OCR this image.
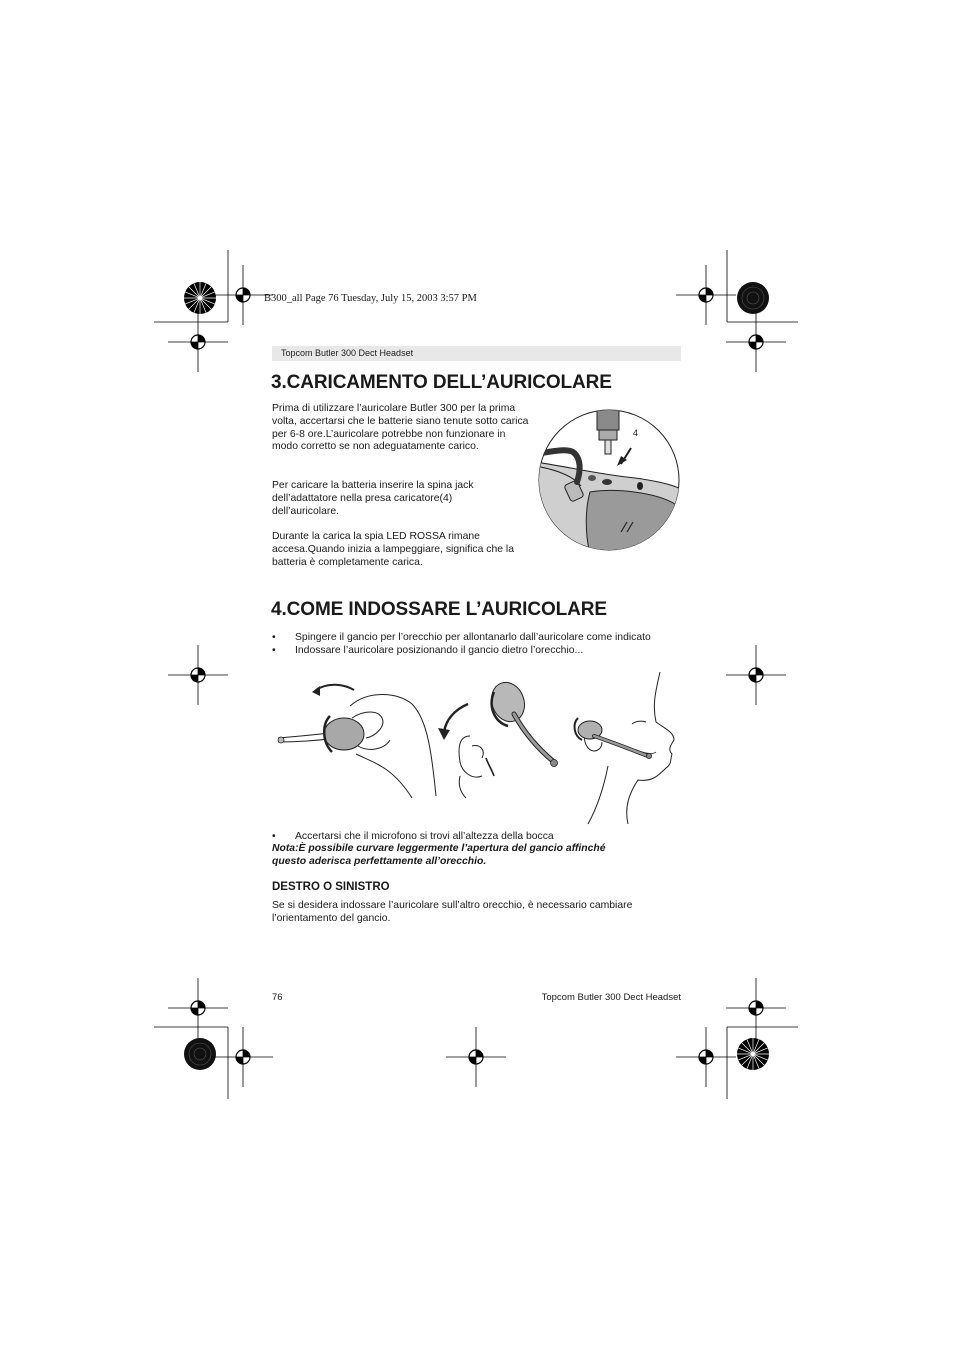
B300_all Page 76 Tuesday, July 15, 2003 3:57 PM
Topcom Butler 300 Dect Headset
3.CARICAMENTO DELL’AURICOLARE

Prima di utilizzare l’auricolare Butler 300 per la prima volta, accertarsi che le batterie siano tenute sotto carica per 6-8 ore.L’auricolare potrebbe non funzionare in modo corretto se non adeguatamente carico.

Per caricare la batteria inserire la spina jack dell’adattatore nella presa caricatore(4) dell’auricolare.

Durante la carica la spia LED ROSSA rimane accesa.Quando inizia a lampeggiare, significa che la batteria è completamente carica.

4
4.COME INDOSSARE L’AURICOLARE
• Spingere il gancio per l’orecchio per allontanarlo dall’auricolare come indicato
• Indossare l’auricolare posizionando il gancio dietro l’orecchio...
• Accertarsi che il microfono si trovi all’altezza della bocca

Nota:È possibile curvare leggermente l’apertura del gancio affinché

questo aderisca perfettamente all’orecchio.

DESTRO O SINISTRO

Se si desidera indossare l’auricolare sull’altro orecchio, è necessario cambiare l’orientamento del gancio.

76	Topcom Butler 300 Dect Headset
